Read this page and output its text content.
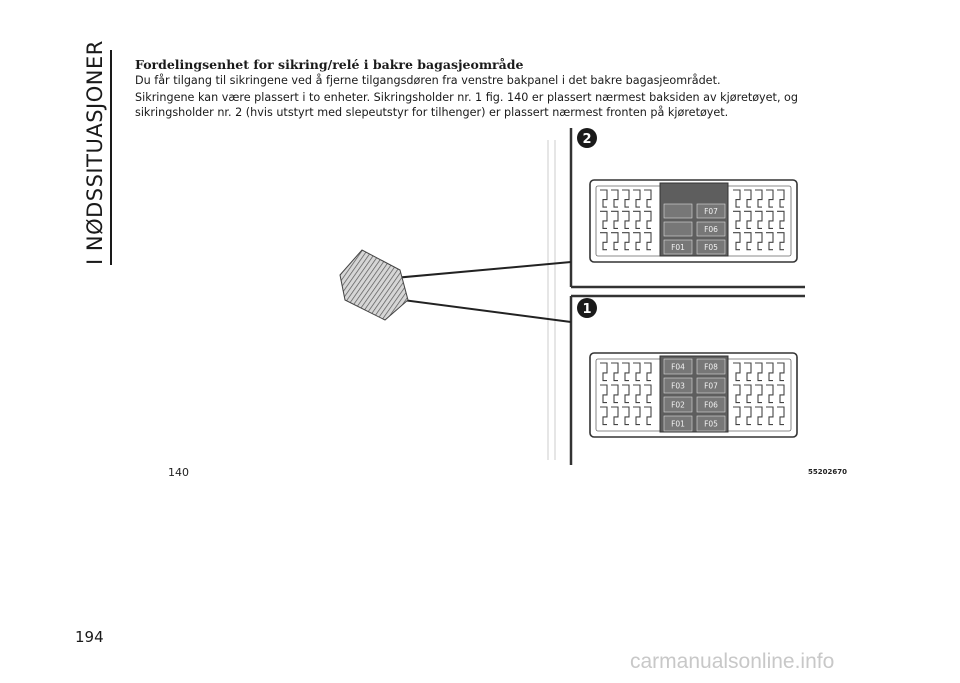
I NØDSSITUASJONER Fordelingsenhet for sikring/relé i bakre bagasjeområde
Du får tilgang til sikringene ved å fjerne tilgangsdøren fra venstre bakpanel i det bakre bagasjeområdet.
Sikringene kan være plassert i to enheter. Sikringsholder nr. 1 fig. 140 er plassert nærmest baksiden av kjøretøyet, og sikringsholder nr. 2 (hvis utstyrt med slepeutstyr for tilhenger) er plassert nærmest fronten på kjøretøyet.
2
1
F07
F06
F01	F05
F04	F08
F03	F07
F02	F06
F01	F05
140	55202670
194
carmanualsonline.info
